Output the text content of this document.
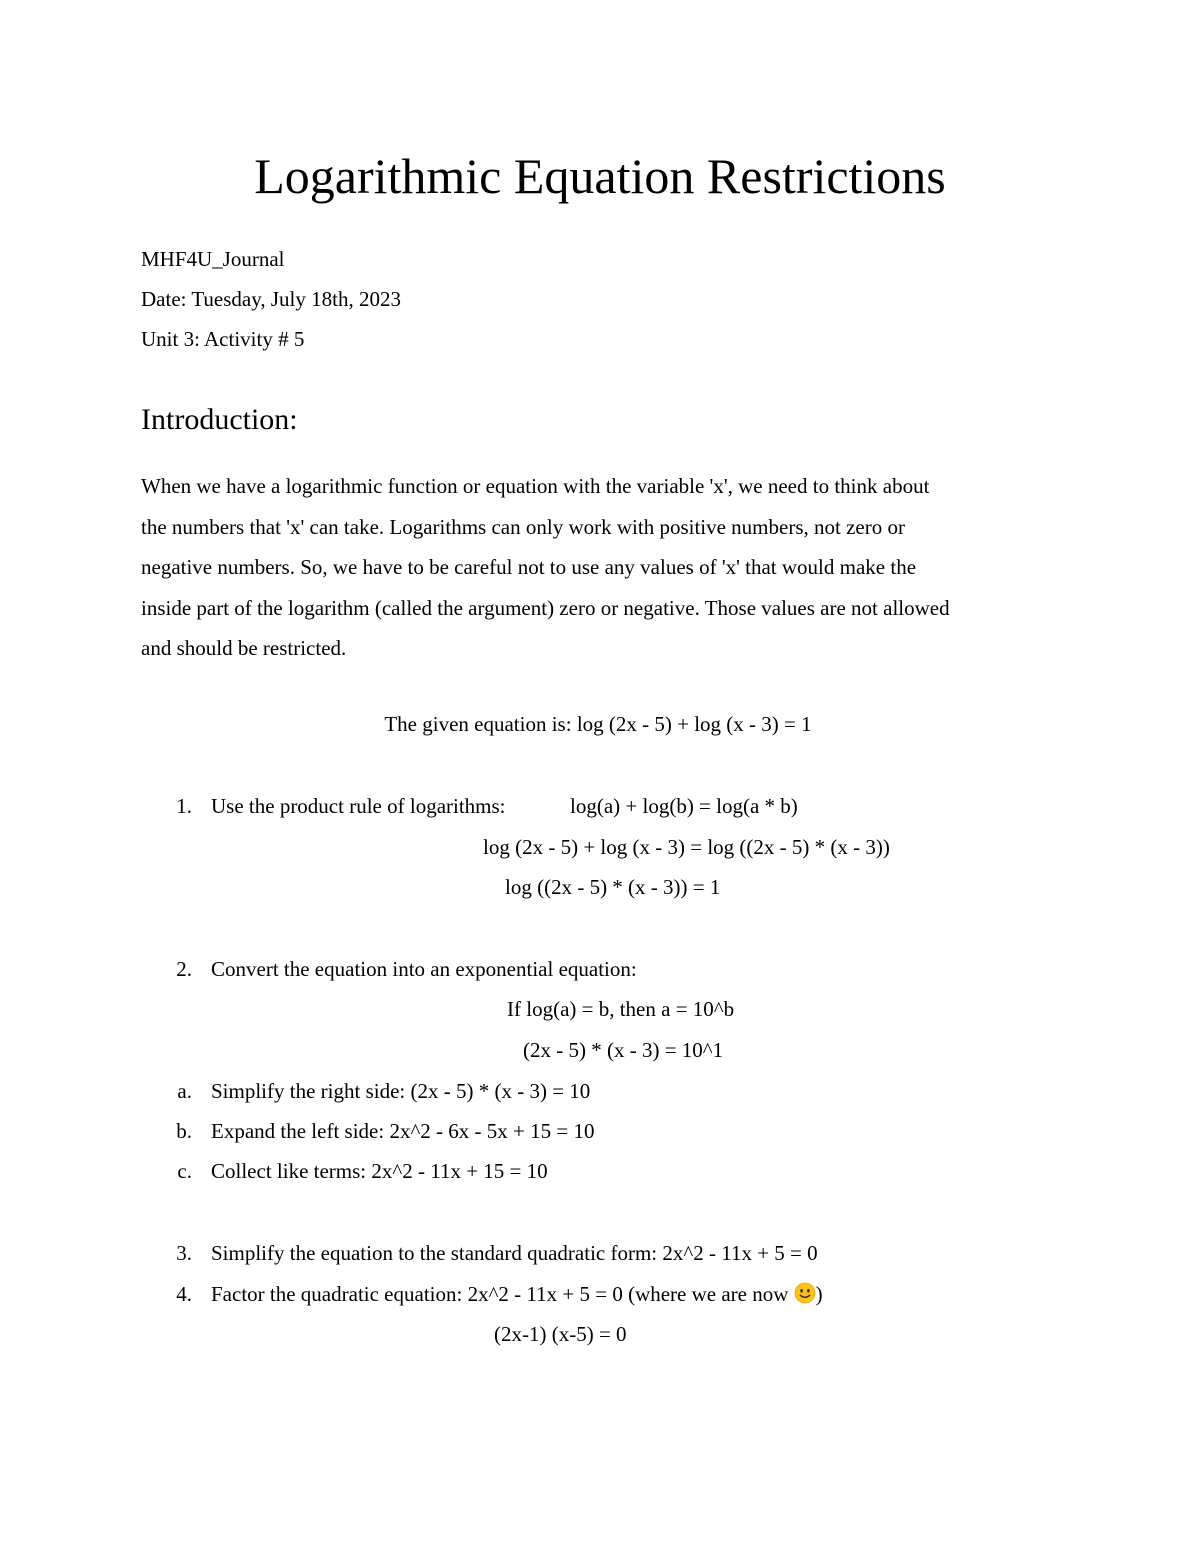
Logarithmic Equation Restrictions
MHF4U_Journal
Date: Tuesday, July 18th, 2023
Unit 3: Activity # 5
Introduction:
When we have a logarithmic function or equation with the variable 'x', we need to think about
the numbers that 'x' can take. Logarithms can only work with positive numbers, not zero or
negative numbers. So, we have to be careful not to use any values of 'x' that would make the
inside part of the logarithm (called the argument) zero or negative. Those values are not allowed
and should be restricted.
The given equation is: log (2x - 5) + log (x - 3) = 1
1. Use the product rule of logarithms:	log(a) + log(b) = log(a * b)
log (2x - 5) + log (x - 3) = log ((2x - 5) * (x - 3))
log ((2x - 5) * (x - 3)) = 1
2. Convert the equation into an exponential equation:
If log(a) = b, then a = 10^b
(2x - 5) * (x - 3) = 10^1
a. Simplify the right side: (2x - 5) * (x - 3) = 10
b. Expand the left side: 2x^2 - 6x - 5x + 15 = 10
c. Collect like terms: 2x^2 - 11x + 15 = 10
3. Simplify the equation to the standard quadratic form: 2x^2 - 11x + 5 = 0
4. Factor the quadratic equation: 2x^2 - 11x + 5 = 0 (where we are now )
(2x-1) (x-5) = 0
